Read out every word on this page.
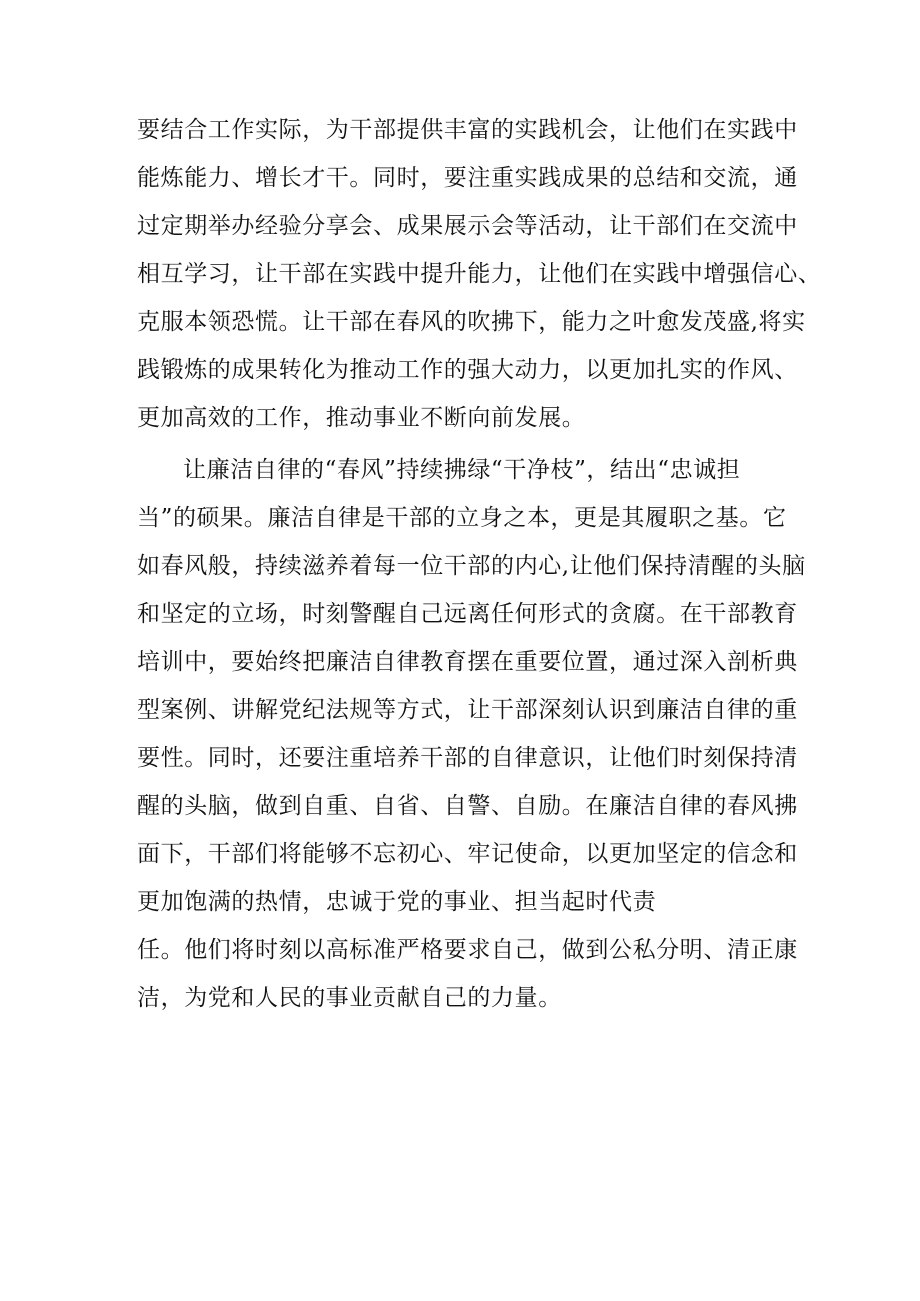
要结合工作实际，为干部提供丰富的实践机会，让他们在实践中
能炼能力、增长才干。同时，要注重实践成果的总结和交流，通
过定期举办经验分享会、成果展示会等活动，让干部们在交流中
相互学习，让干部在实践中提升能力，让他们在实践中增强信心、
克服本领恐慌。让干部在春风的吹拂下，能力之叶愈发茂盛,将实
践锻炼的成果转化为推动工作的强大动力，以更加扎实的作风、
更加高效的工作，推动事业不断向前发展。
让廉洁自律的“春风”持续拂绿“干净枝”，结出“忠诚担
当”的硕果。廉洁自律是干部的立身之本，更是其履职之基。它
如春风般，持续滋养着每一位干部的内心,让他们保持清醒的头脑
和坚定的立场，时刻警醒自己远离任何形式的贪腐。在干部教育
培训中，要始终把廉洁自律教育摆在重要位置，通过深入剖析典
型案例、讲解党纪法规等方式，让干部深刻认识到廉洁自律的重
要性。同时，还要注重培养干部的自律意识，让他们时刻保持清
醒的头脑，做到自重、自省、自警、自励。在廉洁自律的春风拂
面下，干部们将能够不忘初心、牢记使命，以更加坚定的信念和
更加饱满的热情，忠诚于党的事业、担当起时代责
任。他们将时刻以高标准严格要求自己，做到公私分明、清正康
洁，为党和人民的事业贡献自己的力量。
